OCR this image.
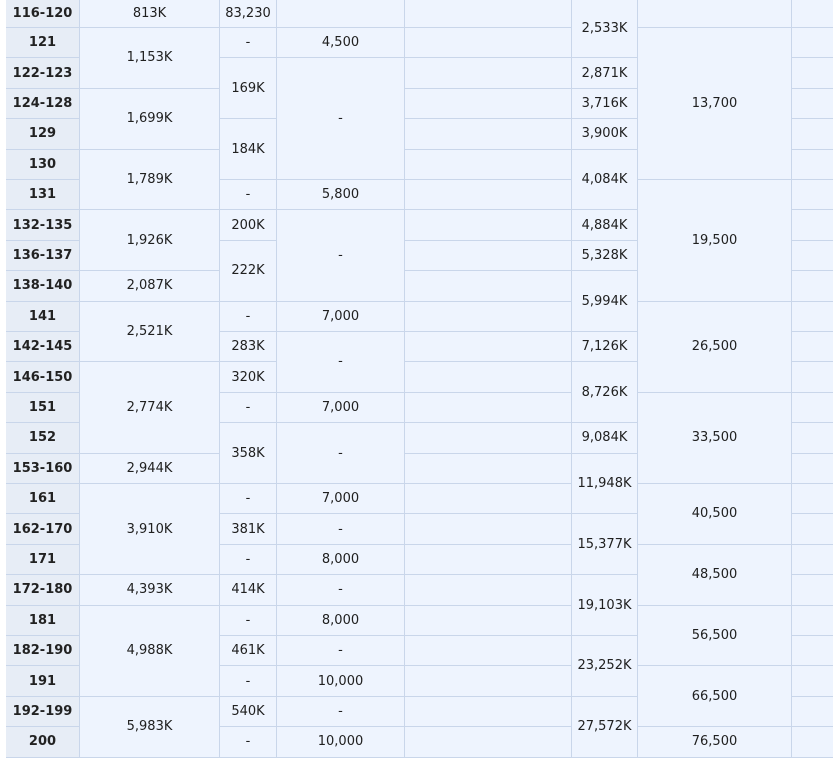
116-120
121
122-123
124-128
129
130
131
132-135
136-137
138-140
141
142-145
146-150
151
152
153-160
161
162-170
171
172-180
181
182-190
191
192-199
200
813K
1,153K
1,699K
1,789K
1,926K
2,087K
2,521K
2,774K
2,944K
3,910K
4,393K
4,988K
5,983K
83,230
-
169K
184K
-
200K
222K
-
283K
320K
-
358K
-
381K
-
414K
-
461K
-
540K
-
4,500
-
5,800
-
7,000
-
7,000
-
7,000
-
8,000
-
8,000
-
10,000
-
10,000
2,533K
2,871K
3,716K
3,900K
4,084K
4,884K
5,328K
5,994K
7,126K
8,726K
9,084K
11,948K
15,377K
19,103K
23,252K
27,572K
13,700
19,500
26,500
33,500
40,500
48,500
56,500
66,500
76,500
